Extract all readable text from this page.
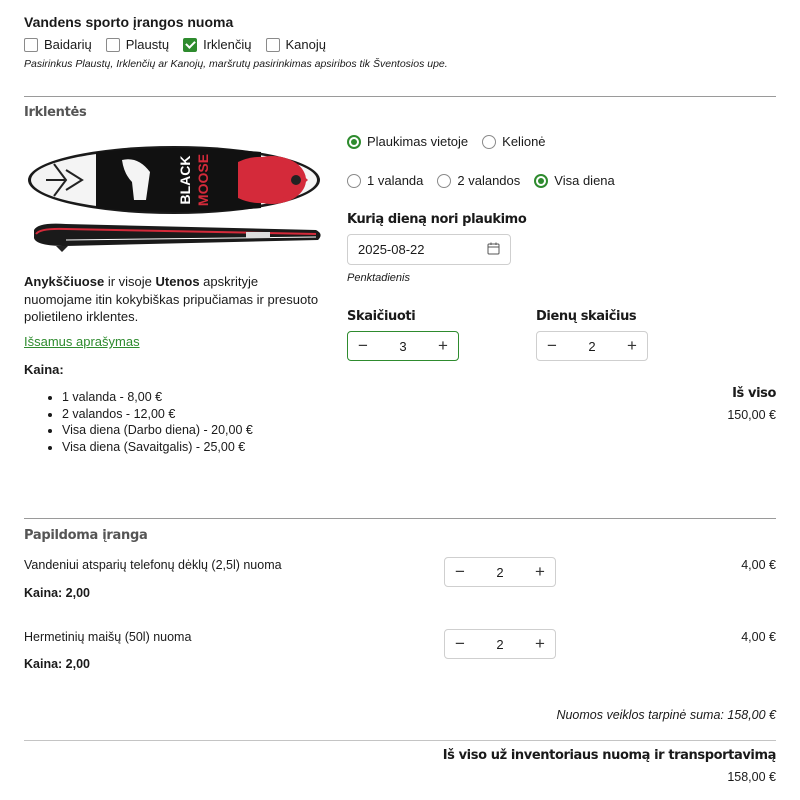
Vandens sporto įrangos nuoma
Baidarių	Plaustų	Irklenčių	Kanojų
Pasirinkus Plaustų, Irklenčių ar Kanojų, maršrutų pasirinkimas apsiribos tik Šventosios upe.
Irklentės
BLACK MOOSE
Anykščiuose ir visoje Utenos apskrityje nuomojame itin kokybiškas pripučiamas ir presuoto polietileno irklentes.
Išsamus aprašymas
Kaina:
• 1 valanda - 8,00 €
• 2 valandos - 12,00 €
• Visa diena (Darbo diena) - 20,00 €
• Visa diena (Savaitgalis) - 25,00 €
Plaukimas vietoje	Kelionė
1 valanda	2 valandos	Visa diena
Kurią dieną nori plaukimo
2025-08-22
Penktadienis
Skaičiuoti
−	3	+
Dienų skaičius
−	2	+
Iš viso
150,00 €
Papildoma įranga
Vandeniui atsparių telefonų dėklų (2,5l) nuoma
Kaina: 2,00
−	2	+	4,00 €
Hermetinių maišų (50l) nuoma
Kaina: 2,00
−	2	+	4,00 €
Nuomos veiklos tarpinė suma: 158,00 €
Iš viso už inventoriaus nuomą ir transportavimą
158,00 €
